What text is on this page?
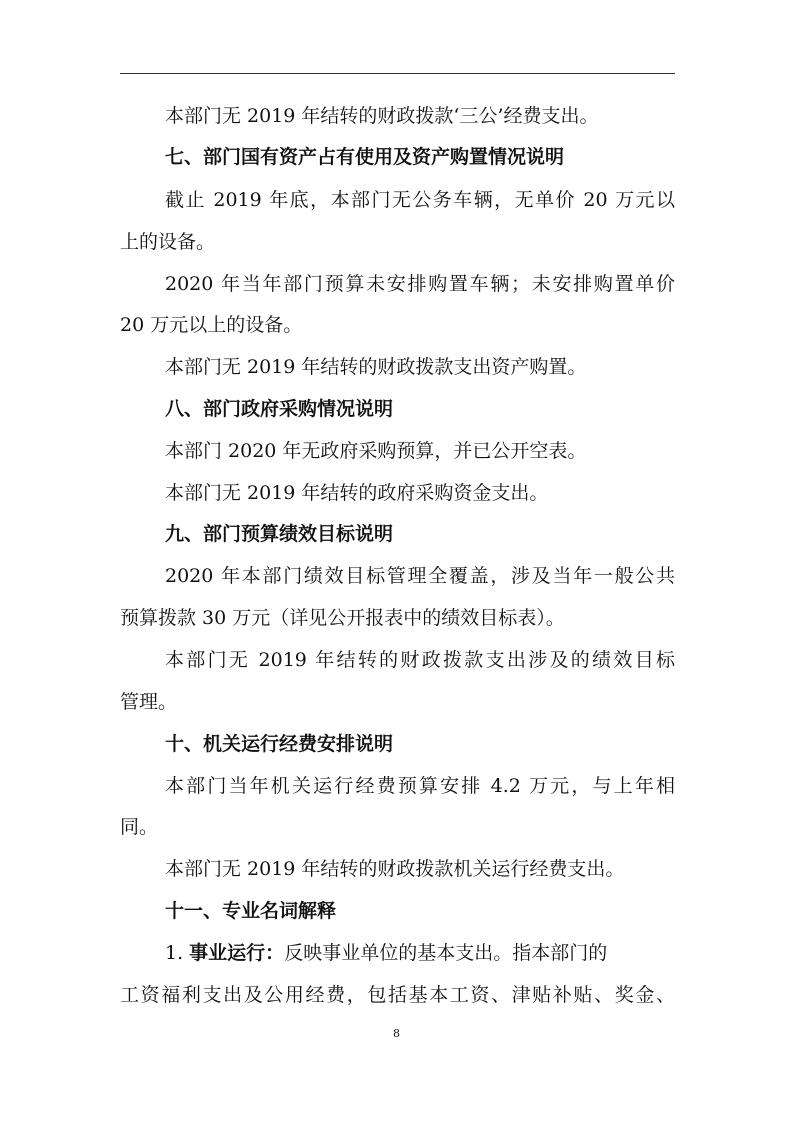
本部门无 2019 年结转的财政拨款‘三公’经费支出。
七、部门国有资产占有使用及资产购置情况说明
截止 2019 年底，本部门无公务车辆，无单价 20 万元以
上的设备。
2020 年当年部门预算未安排购置车辆；未安排购置单价
20 万元以上的设备。
本部门无 2019 年结转的财政拨款支出资产购置。
八、部门政府采购情况说明
本部门 2020 年无政府采购预算，并已公开空表。
本部门无 2019 年结转的政府采购资金支出。
九、部门预算绩效目标说明
2020 年本部门绩效目标管理全覆盖，涉及当年一般公共
预算拨款 30 万元（详见公开报表中的绩效目标表）。
本部门无 2019 年结转的财政拨款支出涉及的绩效目标
管理。
十、机关运行经费安排说明
本部门当年机关运行经费预算安排 4.2 万元，与上年相
同。
本部门无 2019 年结转的财政拨款机关运行经费支出。
十一、专业名词解释
1. 事业运行：反映事业单位的基本支出。指本部门的
工资福利支出及公用经费，包括基本工资、津贴补贴、奖金、
8
